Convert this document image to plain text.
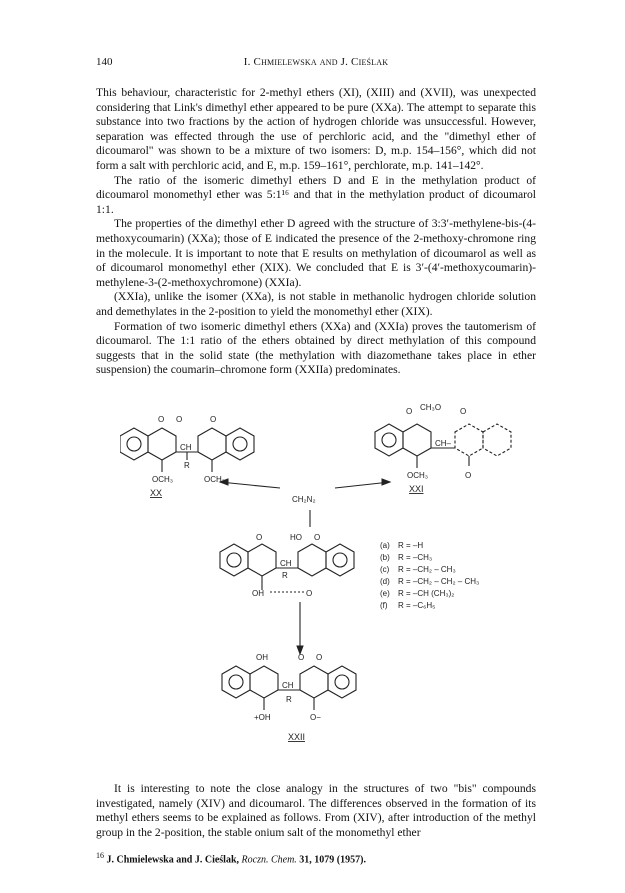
140	I. Chmielewska and J. Cieślak

This behaviour, characteristic for 2-methyl ethers (XI), (XIII) and (XVII), was unexpected considering that Link's dimethyl ether appeared to be pure (XXa). The attempt to separate this substance into two fractions by the action of hydrogen chloride was unsuccessful. However, separation was effected through the use of perchloric acid, and the "dimethyl ether of dicoumarol" was shown to be a mixture of two isomers: D, m.p. 154–156°, which did not form a salt with perchloric acid, and E, m.p. 159–161°, perchlorate, m.p. 141–142°.

The ratio of the isomeric dimethyl ethers D and E in the methylation product of dicoumarol monomethyl ether was 5:1¹⁶ and that in the methylation product of dicoumarol 1:1.

The properties of the dimethyl ether D agreed with the structure of 3:3′-methylene-bis-(4-methoxycoumarin) (XXa); those of E indicated the presence of the 2-methoxy-chromone ring in the molecule. It is important to note that E results on methylation of dicoumarol as well as of dicoumarol monomethyl ether (XIX). We concluded that E is 3′-(4′-methoxycoumarin)-methylene-3-(2-methoxychromone) (XXIa).

(XXIa), unlike the isomer (XXa), is not stable in methanolic hydrogen chloride solution and demethylates in the 2-position to yield the monomethyl ether (XIX).

Formation of two isomeric dimethyl ethers (XXa) and (XXIa) proves the tautomerism of dicoumarol. The 1:1 ratio of the ethers obtained by direct methylation of this compound suggests that in the solid state (the methylation with diazomethane takes place in ether suspension) the coumarin–chromone form (XXIIa) predominates.

O O	O
CH
R
OCH₃	OCH₃
XX
O CH₃O O
CH–
OCH₃	O
XXI
CH₂N₂
O	HO O
CH
R
OH	O
OH	O O
CH
R
+OH	O−
XXII
(a) R = –H
(b) R = –CH₃
(c) R = –CH₂ – CH₃
(d) R = –CH₂ – CH₂ – CH₃
(e) R = –CH (CH₃)₂
(f) R = –C₆H₅

It is interesting to note the close analogy in the structures of two "bis" compounds investigated, namely (XIV) and dicoumarol. The differences observed in the formation of its methyl ethers seems to be explained as follows. From (XIV), after introduction of the methyl group in the 2-position, the stable onium salt of the monomethyl ether

$^{16}$ J. Chmielewska and J. Cieślak, Roczn. Chem. 31, 1079 (1957).
